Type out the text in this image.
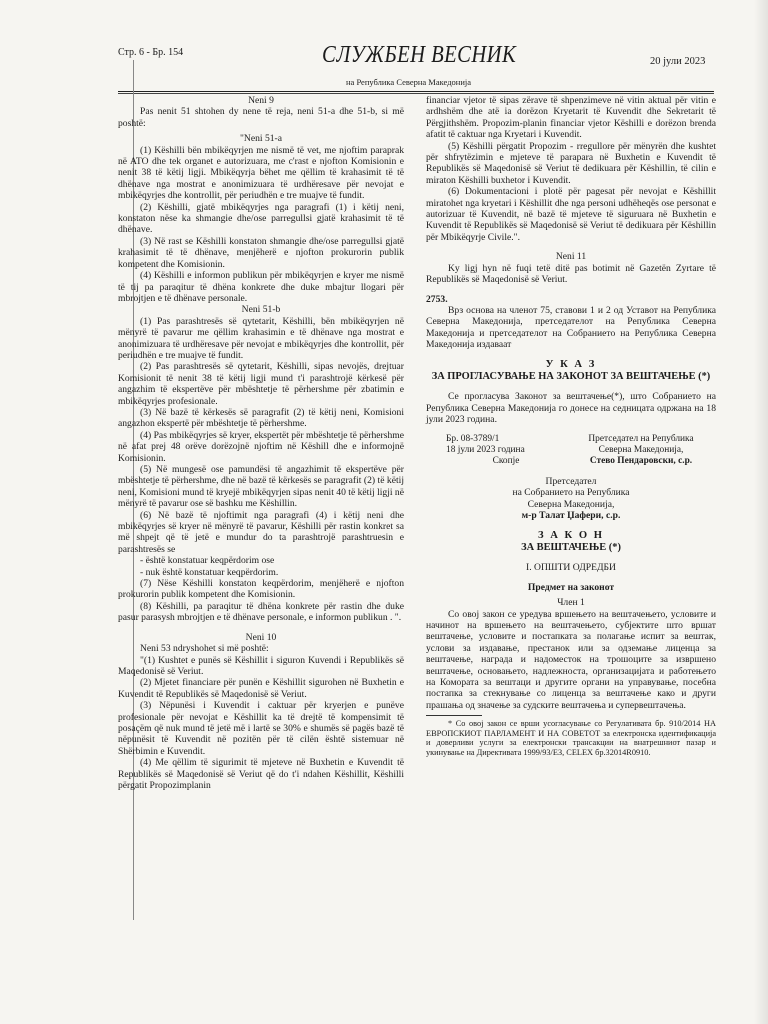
Стр. 6 - Бр. 154	СЛУЖБЕН ВЕСНИК
на Република Северна Македонија
20 јули 2023

Neni 9

Pas nenit 51 shtohen dy nene të reja, neni 51-a dhe 51-b, si më poshtë:

"Neni 51-a

(1) Këshilli bën mbikëqyrjen me nismë të vet, me njoftim paraprak në ATO dhe tek organet e autorizuara, me c'rast e njofton Komisionin e nenit 38 të këtij ligji. Mbikëqyrja bëhet me qëllim të krahasimit të të dhënave nga mostrat e anonimizuara të urdhëresave për nevojat e mbikëqyrjes dhe kontrollit, për periudhën e tre muajve të fundit.

(2) Këshilli, gjatë mbikëqyrjes nga paragrafi (1) i këtij neni, konstaton nëse ka shmangie dhe/ose parregullsi gjatë krahasimit të të dhënave.

(3) Në rast se Këshilli konstaton shmangie dhe/ose parregullsi gjatë krahasimit të të dhënave, menjëherë e njofton prokurorin publik kompetent dhe Komisionin.

(4) Këshilli e informon publikun për mbikëqyrjen e kryer me nismë të tij pa paraqitur të dhëna konkrete dhe duke mbajtur llogari për mbrojtjen e të dhënave personale.

Neni 51-b

(1) Pas parashtresës së qytetarit, Këshilli, bën mbikëqyrjen në mënyrë të pavarur me qëllim krahasimin e të dhënave nga mostrat e anonimizuara të urdhëresave për nevojat e mbikëqyrjes dhe kontrollit, për periudhën e tre muajve të fundit.

(2) Pas parashtresës së qytetarit, Këshilli, sipas nevojës, drejtuar Komisionit të nenit 38 të këtij ligji mund t'i parashtrojë kërkesë për angazhim të ekspertëve për mbështetje të përhershme për zbatimin e mbikëqyrjes profesionale.

(3) Në bazë të kërkesës së paragrafit (2) të këtij neni, Komisioni angazhon ekspertë për mbështetje të përhershme.

(4) Pas mbikëqyrjes së kryer, ekspertët për mbështetje të përhershme në afat prej 48 orëve dorëzojnë njoftim në Këshill dhe e informojnë Komisionin.

(5) Në mungesë ose pamundësi të angazhimit të ekspertëve për mbështetje të përhershme, dhe në bazë të kërkesës se paragrafit (2) të këtij neni, Komisioni mund të kryejë mbikëqyrjen sipas nenit 40 të këtij ligji në mënyrë të pavarur ose së bashku me Këshillin.

(6) Në bazë të njoftimit nga paragrafi (4) i këtij neni dhe mbikëqyrjes së kryer në mënyrë të pavarur, Këshilli për rastin konkret sa më shpejt që të jetë e mundur do ta parashtrojë parashtruesin e parashtresës se

- është konstatuar keqpërdorim ose

- nuk është konstatuar keqpërdorim.

(7) Nëse Këshilli konstaton keqpërdorim, menjëherë e njofton prokurorin publik kompetent dhe Komisionin.

(8) Këshilli, pa paraqitur të dhëna konkrete për rastin dhe duke pasur parasysh mbrojtjen e të dhënave personale, e informon publikun . ".

Neni 10

Neni 53 ndryshohet si më poshtë:

"(1) Kushtet e punës së Këshillit i siguron Kuvendi i Republikës së Maqedonisë së Veriut.

(2) Mjetet financiare për punën e Këshillit sigurohen në Buxhetin e Kuvendit të Republikës së Maqedonisë së Veriut.

(3) Nëpunësi i Kuvendit i caktuar për kryerjen e punëve profesionale për nevojat e Këshillit ka të drejtë të kompensimit të posaçëm që nuk mund të jetë më i lartë se 30% e shumës së pagës bazë të nëpunësit të Kuvendit në pozitën për të cilën është sistemuar në Shërbimin e Kuvendit.

(4) Me qëllim të sigurimit të mjeteve në Buxhetin e Kuvendit të Republikës së Maqedonisë së Veriut që do t'i ndahen Këshillit, Këshilli përgatit Propozimplanin

financiar vjetor të sipas zërave të shpenzimeve në vitin aktual për vitin e ardhshëm dhe atë ia dorëzon Kryetarit të Kuvendit dhe Sekretarit të Përgjithshëm. Propozim-planin financiar vjetor Këshilli e dorëzon brenda afatit të caktuar nga Kryetari i Kuvendit.

(5) Këshilli përgatit Propozim - rregullore për mënyrën dhe kushtet për shfrytëzimin e mjeteve të parapara në Buxhetin e Kuvendit të Republikës së Maqedonisë së Veriut të dedikuara për Këshillin, të cilin e miraton Këshilli buxhetor i Kuvendit.

(6) Dokumentacioni i plotë për pagesat për nevojat e Këshillit miratohet nga kryetari i Këshillit dhe nga personi udhëheqës ose personat e autorizuar të Kuvendit, në bazë të mjeteve të siguruara në Buxhetin e Kuvendit të Republikës së Maqedonisë së Veriut të dedikuara për Këshillin për Mbikëqyrje Civile.".

Neni 11

Ky ligj hyn në fuqi tetë ditë pas botimit në Gazetën Zyrtare të Republikës së Maqedonisë së Veriut.

2753.

Врз основа на членот 75, ставови 1 и 2 од Уставот на Република Северна Македонија, претседателот на Република Северна Македонија и претседателот на Собранието на Република Северна Македонија издаваат

У К А З

ЗА ПРОГЛАСУВАЊЕ НА ЗАКОНОТ ЗА ВЕШТАЧЕЊЕ (*)

Се прогласува Законот за вештачење(*), што Собранието на Република Северна Македонија го донесе на седницата одржана на 18 јули 2023 година.

Бр. 08-3789/1

18 јули 2023 година

Скопје

Претседател на Република

Северна Македонија,

Стево Пендаровски, с.р.

Претседател

на Собранието на Република

Северна Македонија,

м-р Талат Џафери, с.р.

З А К О Н

ЗА ВЕШТАЧЕЊЕ (*)

I. ОПШТИ ОДРЕДБИ

Предмет на законот

Член 1

Со овој закон се уредува вршењето на вештачењето, условите и начинот на вршењето на вештачењето, субјектите што вршат вештачење, условите и постапката за полагање испит за вештак, услови за издавање, престанок или за одземање лиценца за вештачење, награда и надоместок на трошоците за извршено вештачење, основањето, надлежноста, организацијата и работењето на Комората за вештаци и другите органи на управување, посебна постапка за стекнување со лиценца за вештачење како и други прашања од значење за судските вештачења и супервештачења.

* Со овој закон се врши усогласување со Регулативата бр. 910/2014 НА ЕВРОПСКИОТ ПАРЛАМЕНТ И НА СОВЕТОТ за електронска идентификација и доверливи услуги за електронски трансакции на внатрешниот пазар и укинување на Директивата 1999/93/ЕЗ, CELEX бр.32014R0910.
